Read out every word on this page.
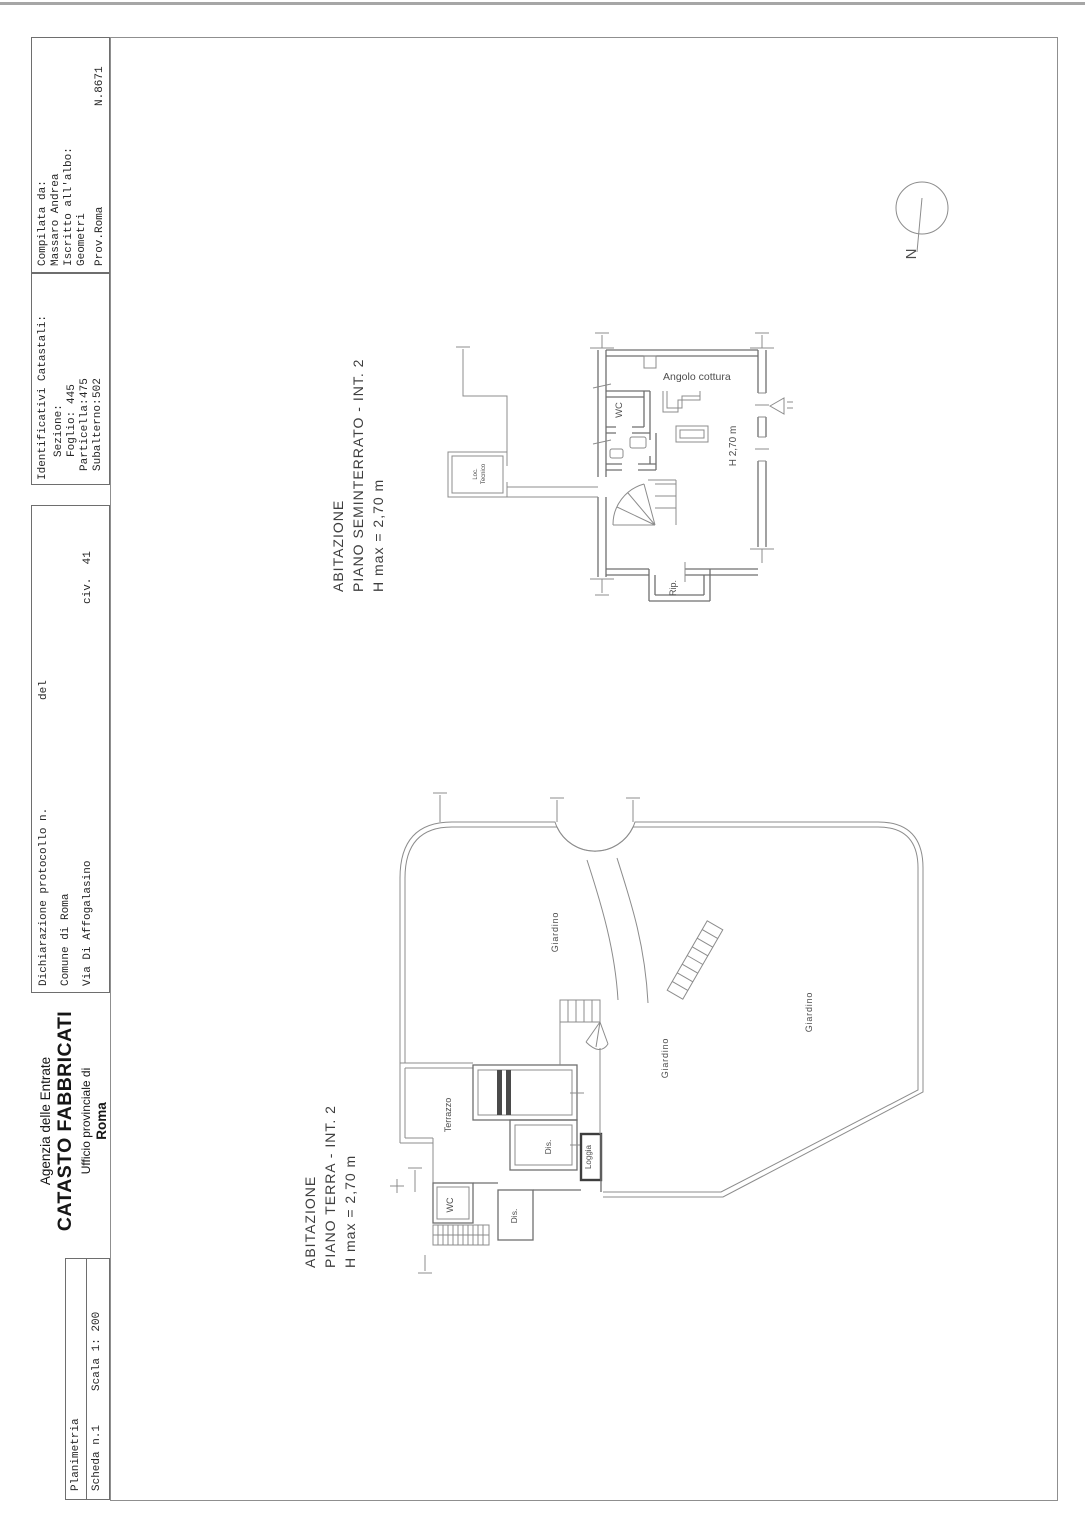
Compilata da:

Massaro Andrea

Iscritto all'albo:

Geometri

Prov.Roma

N.8671

Identificativi Catastali:

Sezione:

Foglio:

445

Particella:

475

Subalterno:

502

Dichiarazione protocollo n.

del

Comune di Roma

Via Di Affogalasino

civ.  41

Agenzia delle Entrate CATASTO FABBRICATI Ufficio provinciale di Roma

Planimetria

Scheda n.1

Scala 1: 200

ABITAZIONE PIANO SEMINTERRATO - INT. 2 H max = 2,70 m
ABITAZIONE PIANO TERRA - INT. 2 H max = 2,70 m
Rip.
WC
Angolo cottura
H 2,70 m
Loc. Tecnico
Terrazzo
Dis.	Loggia
WC
Dis.
Giardino
Giardino
Giardino
N
